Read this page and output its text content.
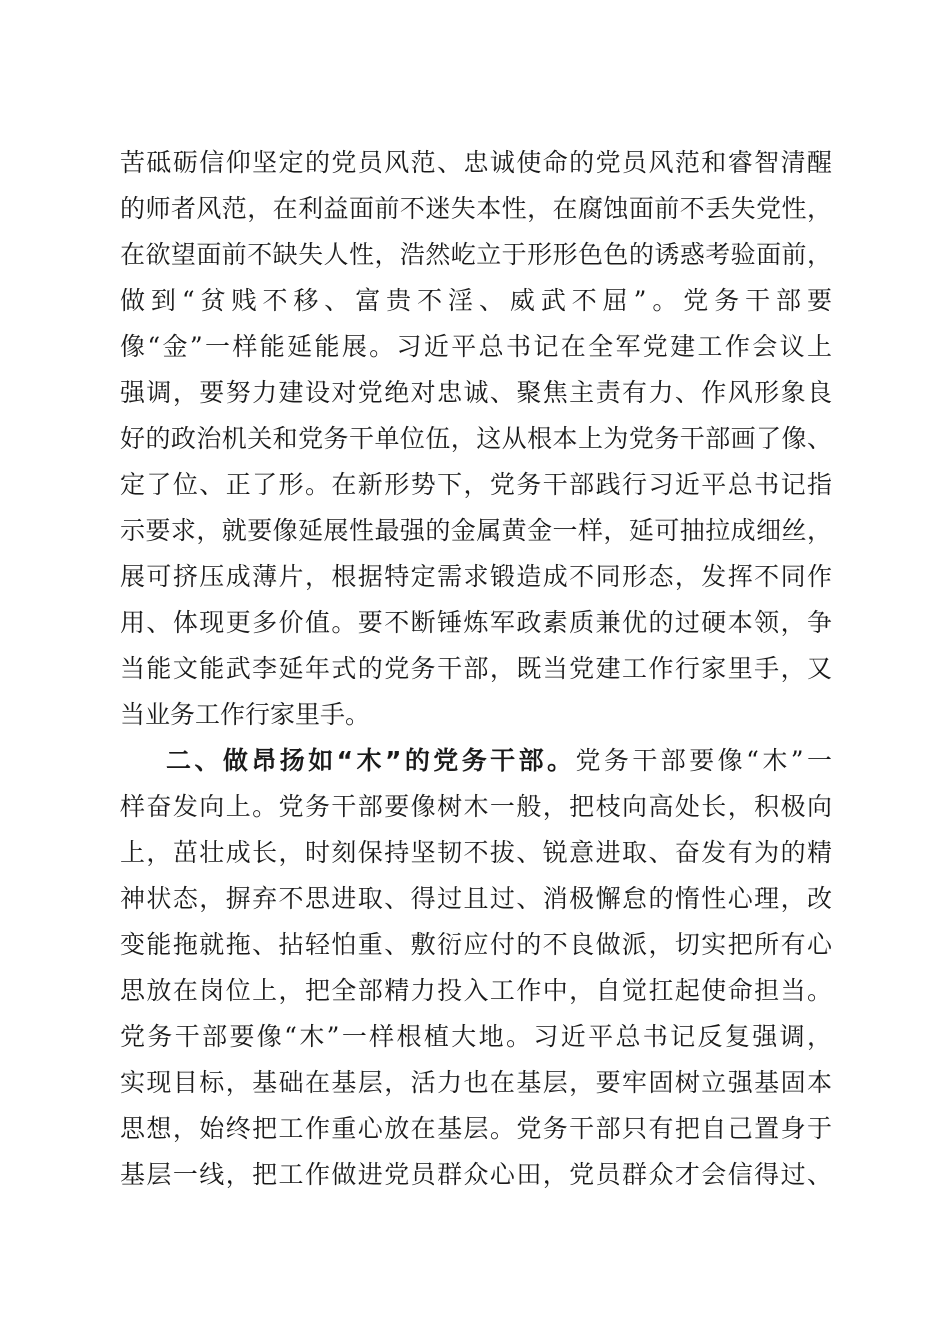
苦砥砺信仰坚定的党员风范、忠诚使命的党员风范和睿智清醒
的师者风范，在利益面前不迷失本性，在腐蚀面前不丢失党性，
在欲望面前不缺失人性，浩然屹立于形形色色的诱惑考验面前，
做到“贫贱不移、富贵不淫、威武不屈”。党务干部要
像“金”一样能延能展。习近平总书记在全军党建工作会议上
强调，要努力建设对党绝对忠诚、聚焦主责有力、作风形象良
好的政治机关和党务干单位伍，这从根本上为党务干部画了像、
定了位、正了形。在新形势下，党务干部践行习近平总书记指
示要求，就要像延展性最强的金属黄金一样，延可抽拉成细丝，
展可挤压成薄片，根据特定需求锻造成不同形态，发挥不同作
用、体现更多价值。要不断锤炼军政素质兼优的过硬本领，争
当能文能武李延年式的党务干部，既当党建工作行家里手，又
当业务工作行家里手。
二、做昂扬如“木”的党务干部。党务干部要像“木”一
样奋发向上。党务干部要像树木一般，把枝向高处长，积极向
上，茁壮成长，时刻保持坚韧不拔、锐意进取、奋发有为的精
神状态，摒弃不思进取、得过且过、消极懈怠的惰性心理，改
变能拖就拖、拈轻怕重、敷衍应付的不良做派，切实把所有心
思放在岗位上，把全部精力投入工作中，自觉扛起使命担当。
党务干部要像“木”一样根植大地。习近平总书记反复强调，
实现目标，基础在基层，活力也在基层，要牢固树立强基固本
思想，始终把工作重心放在基层。党务干部只有把自己置身于
基层一线，把工作做进党员群众心田，党员群众才会信得过、
